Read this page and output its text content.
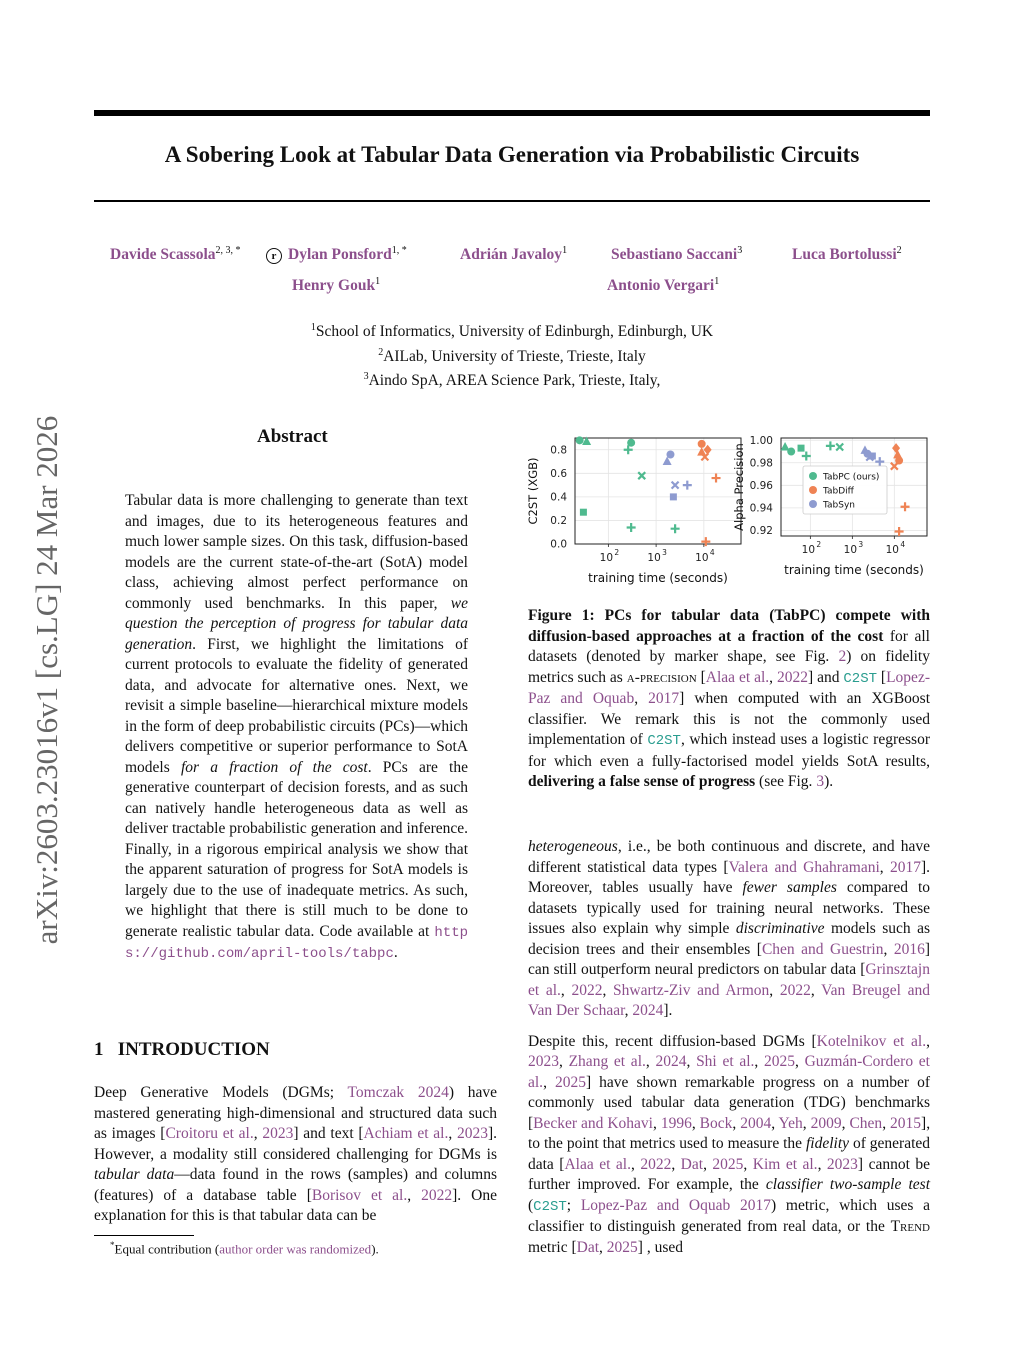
A Sobering Look at Tabular Data Generation via Probabilistic Circuits
arXiv:2603.23016v1 [cs.LG] 24 Mar 2026
Davide Scassola$^{2, 3, *}$	r Dylan Ponsford$^{1, *}$	Adrián Javaloy$^1$	Sebastiano Saccani$^3$	Luca Bortolussi$^2$
Henry Gouk$^1$	Antonio Vergari$^1$
$^1$School of Informatics, University of Edinburgh, Edinburgh, UK
$^2$AILab, University of Trieste, Trieste, Italy
$^3$Aindo SpA, AREA Science Park, Trieste, Italy,
Abstract

Tabular data is more challenging to generate than text and images, due to its heterogeneous features and much lower sample sizes. On this task, diffusion-based models are the current state-of-the-art (SotA) model class, achieving almost perfect performance on commonly used benchmarks. In this paper, we question the perception of progress for tabular data generation. First, we highlight the limitations of current protocols to evaluate the fidelity of generated data, and advocate for alternative ones. Next, we revisit a simple baseline—hierarchical mixture models in the form of deep probabilistic circuits (PCs)—which delivers competitive or superior performance to SotA models for a fraction of the cost. PCs are the generative counterpart of decision forests, and as such can natively handle heterogeneous data as well as deliver tractable probabilistic generation and inference. Finally, in a rigorous empirical analysis we show that the apparent saturation of progress for SotA models is largely due to the use of inadequate metrics. As such, we highlight that there is still much to be done to generate realistic tabular data. Code available at https://github.com/april-tools/tabpc.

1 INTRODUCTION

Deep Generative Models (DGMs; Tomczak 2024) have mastered generating high-dimensional and structured data such as images [Croitoru et al., 2023] and text [Achiam et al., 2023]. However, a modality still considered challenging for DGMs is tabular data—data found in the rows (samples) and columns (features) of a database table [Borisov et al., 2022]. One explanation for this is that tabular data can be

*Equal contribution (author order was randomized).
0.0
0.2
0.4
0.6
0.8
10 2	10 3	10 4
training time (seconds)
C2ST (XGB)
0.92
0.94
0.96
0.98
1.00
10 2 10 3 10 4
training time (seconds)
Alpha Precision	TabPC (ours)
TabDiff
TabSyn

Figure 1: PCs for tabular data (TabPC) compete with diffusion-based approaches at a fraction of the cost for all datasets (denoted by marker shape, see Fig. 2) on fidelity metrics such as α-precision [Alaa et al., 2022] and C2ST [Lopez-Paz and Oquab, 2017] when computed with an XGBoost classifier. We remark this is not the commonly used implementation of C2ST, which instead uses a logistic regressor for which even a fully-factorised model yields SotA results, delivering a false sense of progress (see Fig. 3).

heterogeneous, i.e., be both continuous and discrete, and have different statistical data types [Valera and Ghahramani, 2017]. Moreover, tables usually have fewer samples compared to datasets typically used for training neural networks. These issues also explain why simple discriminative models such as decision trees and their ensembles [Chen and Guestrin, 2016] can still outperform neural predictors on tabular data [Grinsztajn et al., 2022, Shwartz-Ziv and Armon, 2022, Van Breugel and Van Der Schaar, 2024].

Despite this, recent diffusion-based DGMs [Kotelnikov et al., 2023, Zhang et al., 2024, Shi et al., 2025, Guzmán-Cordero et al., 2025] have shown remarkable progress on a number of commonly used tabular data generation (TDG) benchmarks [Becker and Kohavi, 1996, Bock, 2004, Yeh, 2009, Chen, 2015], to the point that metrics used to measure the fidelity of generated data [Alaa et al., 2022, Dat, 2025, Kim et al., 2023] cannot be further improved. For example, the classifier two-sample test (C2ST; Lopez-Paz and Oquab 2017) metric, which uses a classifier to distinguish generated from real data, or the Trend metric [Dat, 2025] , used
